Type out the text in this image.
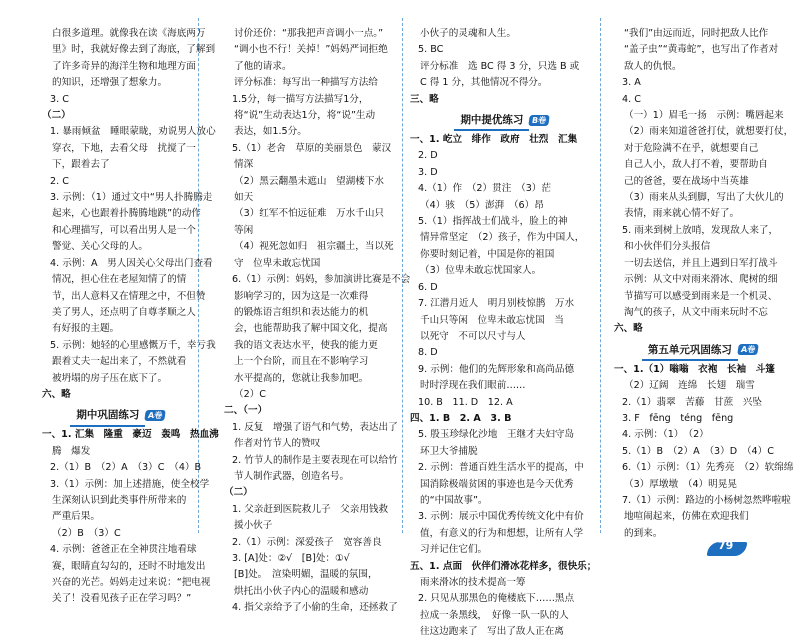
白很多道理。就像我在读《海底两万
里》时，我就好像去到了海底，了解到
了许多奇异的海洋生物和地理方面
的知识，还增强了想象力。
3. C
（二）
1. 暴雨倾盆　睡眼蒙眬，劝说男人放心
穿衣，下地，去看父母　扰搅了一
下，跟着去了
2. C
3. 示例：（1）通过文中“男人扑腾腾走
起来，心也跟着扑腾腾地跳”的动作
和心理描写，可以看出男人是一个
警觉、关心父母的人。
4. 示例：A　男人因关心父母出门查看
情况，担心住在老屋知情了的情
节，出人意料又在情理之中，不但赞
美了男人，还点明了自尊孝顺之人
有好报的主题。
5. 示例：她轻的心里感慨万千，幸亏我
跟着丈夫一起出来了，不然就看
被坍塌的房子压在底下了。
六、略
期中巩固练习	A卷
一、1. 汇集　隆重　豪迈　轰鸣　热血沸
腾　爆发
2.（1）B　（2）A　（3）C　（4）B
3.（1）示例：加上述措施，使全校学
生深刻认识到此类事件所带来的
严重后果。
（2）B　（3）C
4. 示例：爸爸正在全神贯注地看球
赛，眼睛直勾勾的，还时不时地发出
兴奋的光芒。妈妈走过来说：“把电视
关了！没看见孩子正在学习吗？”
讨价还价：“那我把声音调小一点。”
“调小也不行！关掉！”妈妈严词拒绝
了他的请求。
评分标准：每写出一种描写方法给
1.5分，每一描写方法描写1分，
将“说”生动表达1分，将“说”生动
表达，如1.5分。
5.（1）老舍　草原的美丽景色　蒙汉
情深
（2）黑云翻墨未遮山　望湖楼下水
如天
（3）红军不怕远征难　万水千山只
等闲
（4）视死忽如归　祖宗疆土，当以死
守　位卑未敢忘忧国
6.（1）示例：妈妈，参加演讲比赛是不会
影响学习的，因为这是一次难得
的锻炼语言组织和表达能力的机
会，也能帮助我了解中国文化，提高
我的语文表达水平，使我的能力更
上一个台阶，而且在不影响学习
水平提高的，您就让我参加吧。
（2）C
二、（一）
1. 反复　增强了语气和气势，表达出了
作者对竹节人的赞叹
2. 竹节人的制作是主要表现在可以给竹
节人制作武器，创造名号。
（二）
1. 父亲赶到医院救儿子　父亲用钱救
援小伙子
2.（1）示例：深爱孩子　宽容善良
3. [A]处：②√　[B]处：①√
[B]处。　渲染明媚，温暖的氛围，
烘托出小伙子内心的温暖和感动
4. 指父亲给予了小偷的生命，还拯救了
小伙子的灵魂和人生。
5. BC
评分标准　选 BC 得 3 分，只选 B 或
C 得 1 分，其他情况不得分。
三、略
期中提优练习	B卷
一、1. 屹立　绯作　政府　壮烈　汇集
2. D
3. D
4.（1）作　（2）贯注　（3）茫
（4）骇　（5）澎湃　（6）昂
5.（1）指挥战士们战斗，脸上的神
情异常坚定　（2）孩子，作为中国人，
你要时刻记着，中国是你的祖国
（3）位卑未敢忘忧国家人。
6. D
7. 江潜月近人　明月别枝惊鹊　万水
千山只等闲　位卑未敢忘忧国　当
以死守　不可以尺寸与人
8. D
9. 示例：他们的先辉形象和高尚品德
时时浮现在我们眼前……
10. B　11. D　12. A
四、1. B　2. A　3. B
5. 殷玉珍绿化沙地　王继才夫妇守岛
环卫大爷捕脱
2. 示例：普通百姓生活水平的提高，中
国消除极端贫困的事迹也是今天优秀
的“中国故事”。
3. 示例：展示中国优秀传统文化中有价
值，有意义的行为和想想，让所有人学
习并记住它们。
五、1. 点面　伙伴们滑冰花样多，很快乐；
雨来滑冰的技术提高一筹
2. 只见从那黑色的俺楼底下……黑点
拉成一条黑线，　好像一队一队的人
往这边跑来了　写出了敌人正在离
“我们”由远而近，同时把敌人比作
“盖子虫”“黄毒蛇”，也写出了作者对
敌人的仇恨。
3. A
4. C
（一）1）眉毛一扬　示例：嘴唇起来
（2）雨来知道爸爸打仗，就想要打仗，
对于危险满不在乎，就想要自己
自己人小，敌人打不着，要帮助自
己的爸爸，要在战场中当英雄
（3）雨来从头到脚，写出了大伙儿的
表情，雨来就心情不好了。
5. 雨来到树上放哨，发现敌人来了，
和小伙伴们分头报信
一切去送信，并且上遇到日军打战斗
示例：从文中对雨来滑冰、爬树的细
节描写可以感受到雨来是一个机灵、
淘气的孩子，从文中雨来玩时不忘
六、略
第五单元巩固练习	A卷
一、1.（1）嗡嗡　衣袍　长袖　斗篷
（2）辽阔　连绵　长翅　瑞雪
2.（1）翡翠　苦藤　甘蔗　兴坠
3. F　fēng　téng　fēng
4. 示例：（1）　（2）
5.（1）B　（2）A　（3）D　（4）C
6.（1）示例：（1）先秀亮　（2）软绵绵
（3）厚墩墩　（4）明晃晃
7.（1）示例：路边的小杨树忽然哗啦啦
地喧闹起来，仿佛在欢迎我们
的到来。
79
